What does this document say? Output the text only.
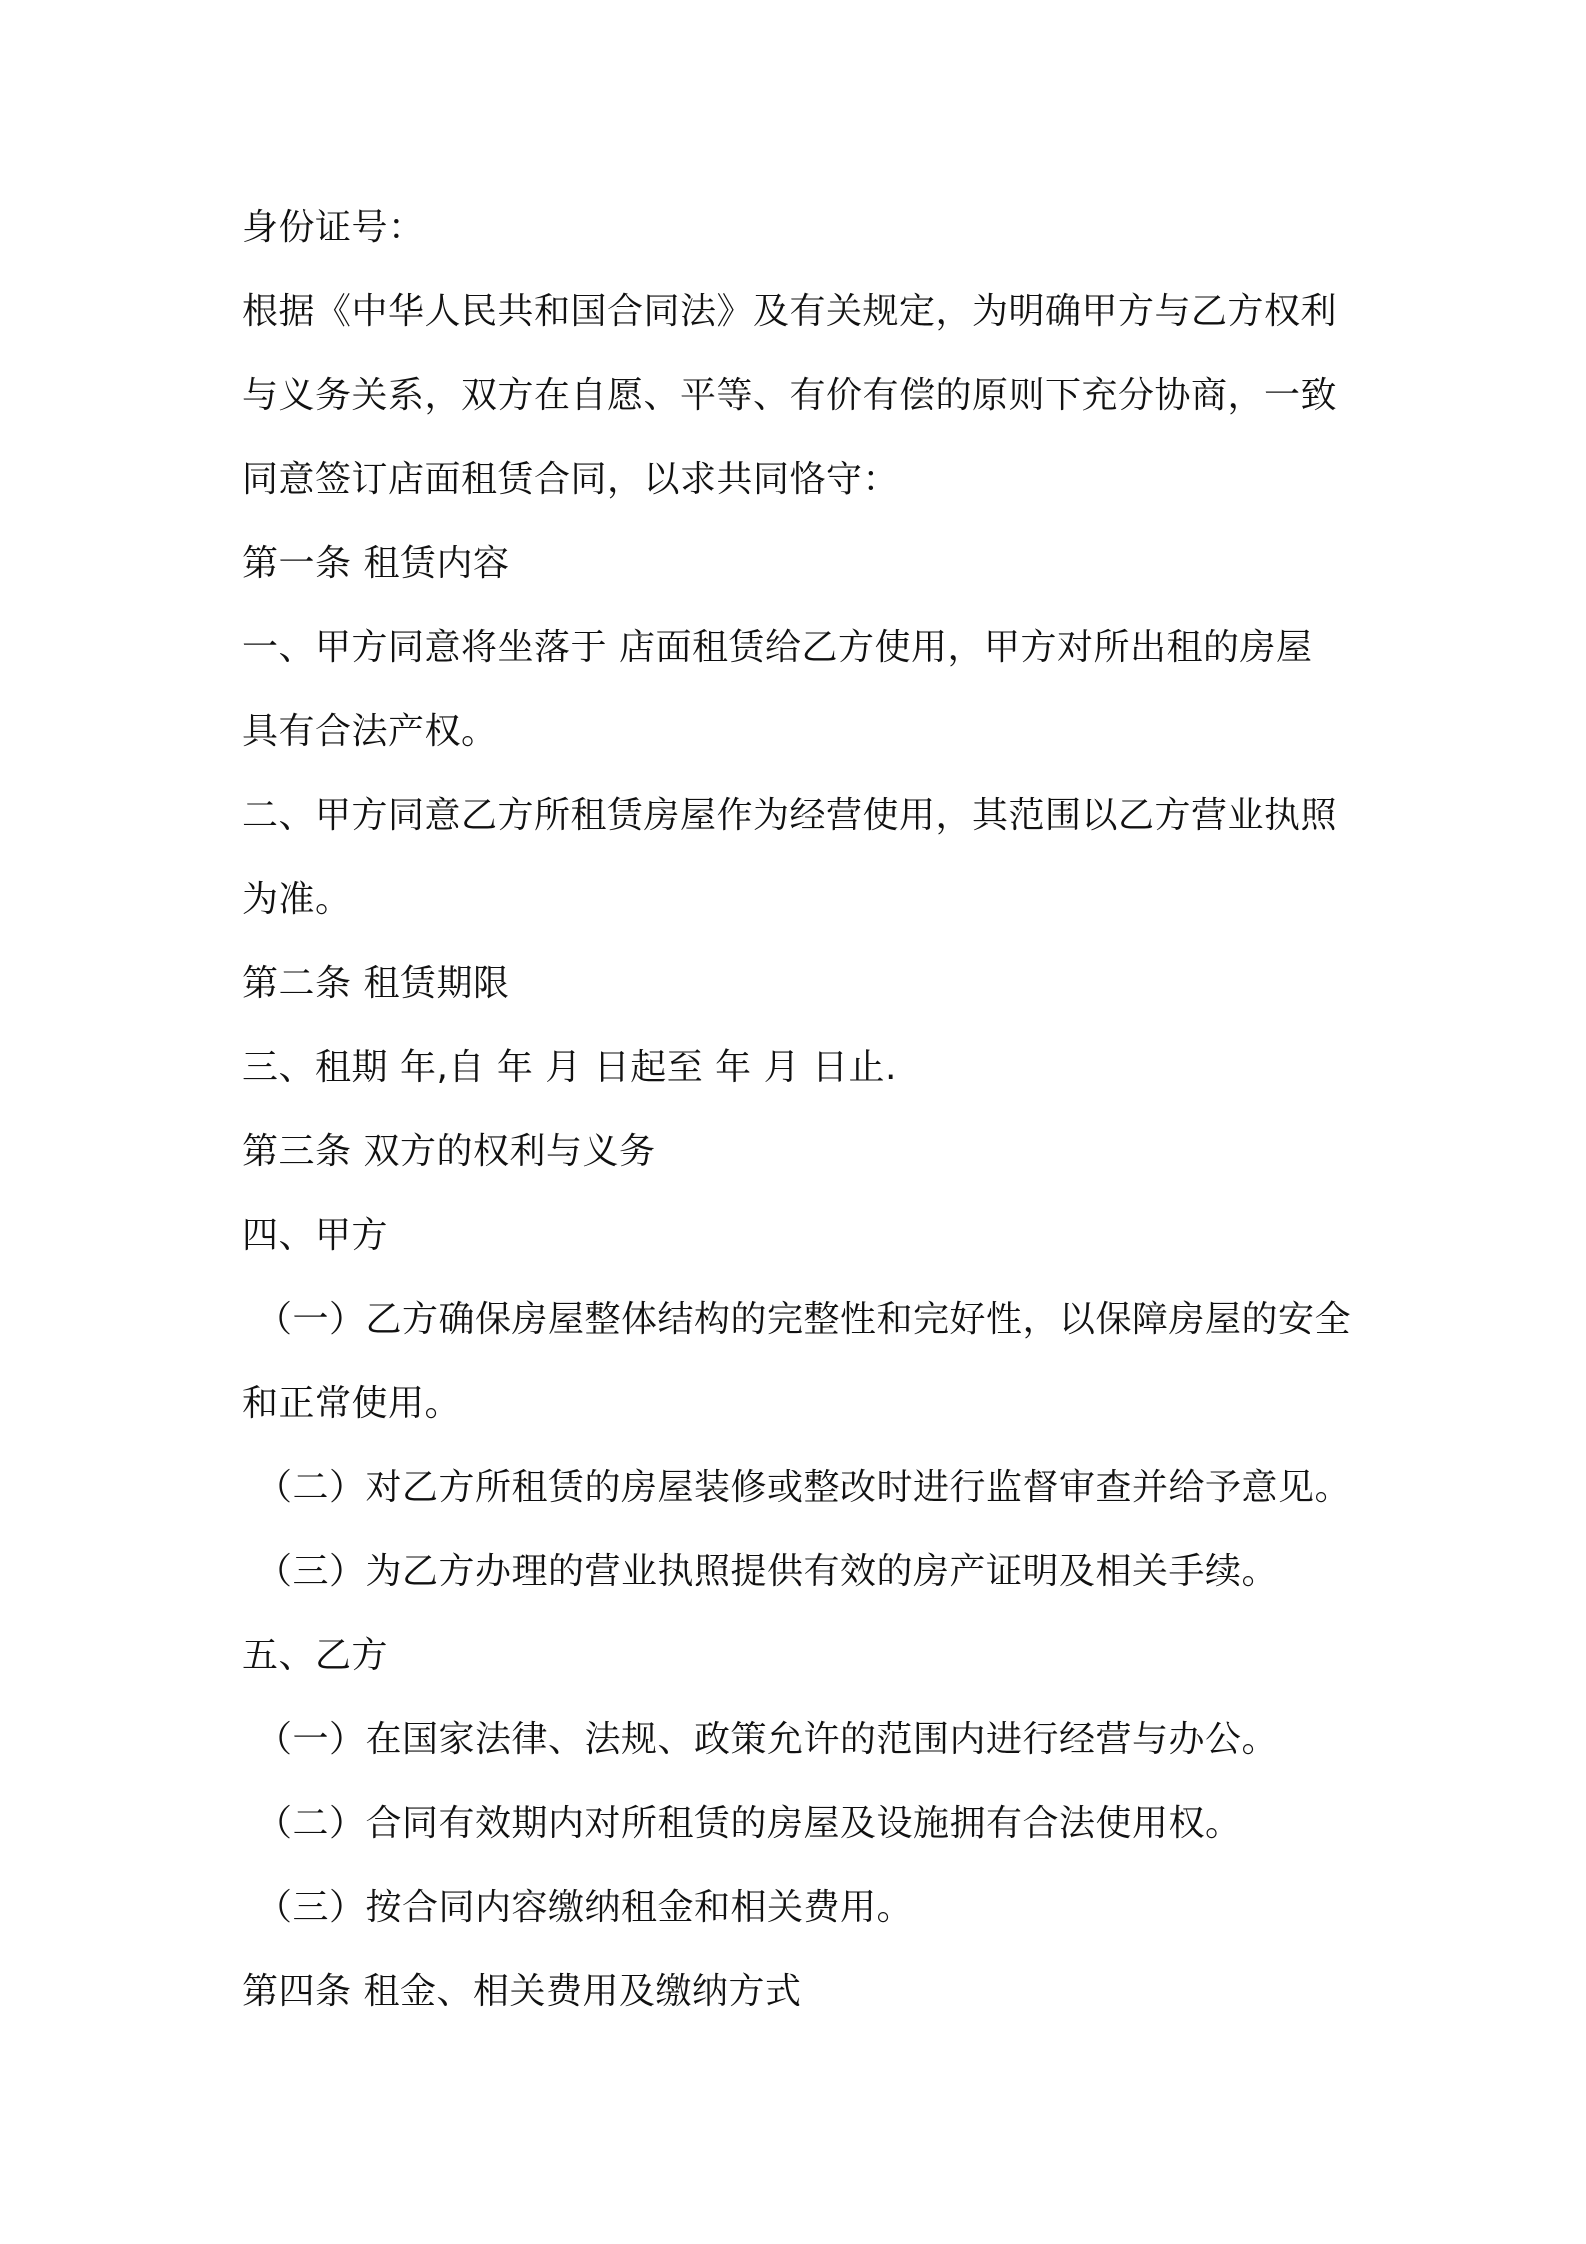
身份证号：
根据《中华人民共和国合同法》及有关规定，为明确甲方与乙方权利
与义务关系，双方在自愿、平等、有价有偿的原则下充分协商，一致
同意签订店面租赁合同，以求共同恪守：
第一条 租赁内容
一、甲方同意将坐落于 店面租赁给乙方使用，甲方对所出租的房屋
具有合法产权。
二、甲方同意乙方所租赁房屋作为经营使用，其范围以乙方营业执照
为准。
第二条 租赁期限
三、租期 年,自 年 月 日起至 年 月 日止.
第三条 双方的权利与义务
四、甲方
（一）乙方确保房屋整体结构的完整性和完好性，以保障房屋的安全
和正常使用。
（二）对乙方所租赁的房屋装修或整改时进行监督审查并给予意见。
（三）为乙方办理的营业执照提供有效的房产证明及相关手续。
五、乙方
（一）在国家法律、法规、政策允许的范围内进行经营与办公。
（二）合同有效期内对所租赁的房屋及设施拥有合法使用权。
（三）按合同内容缴纳租金和相关费用。
第四条 租金、相关费用及缴纳方式
